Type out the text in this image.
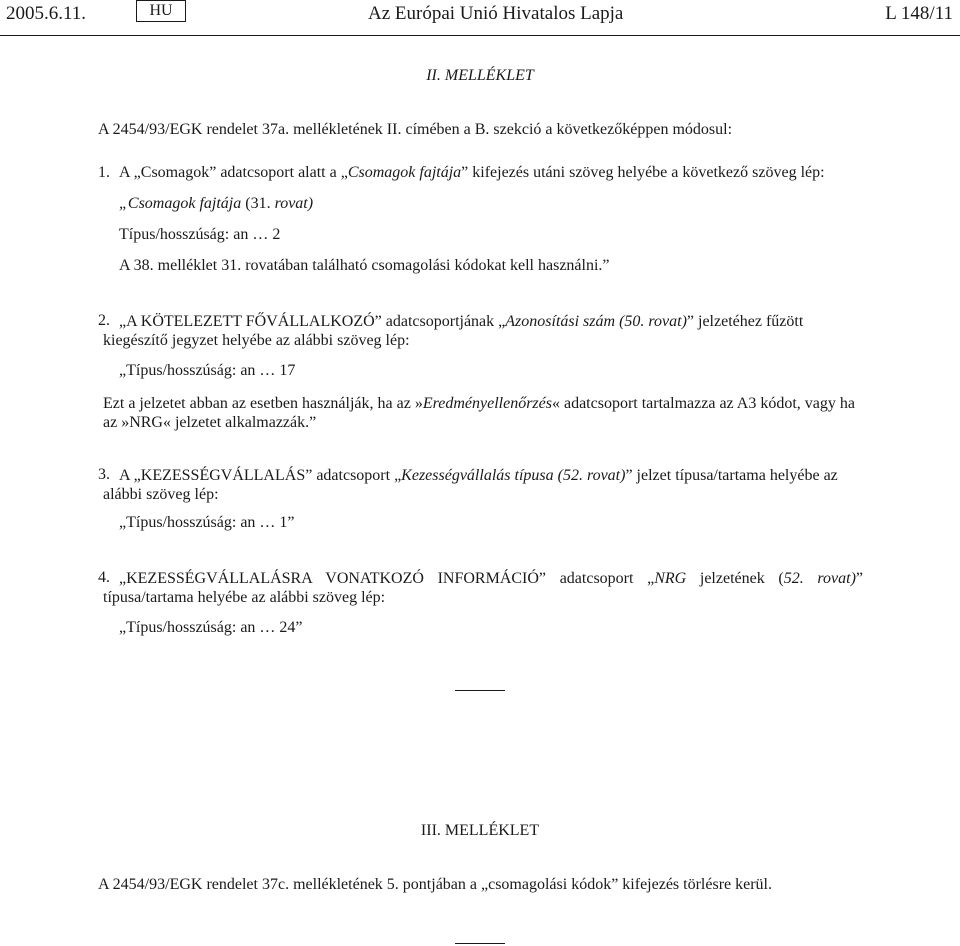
2005.6.11.	HU	Az Európai Unió Hivatalos Lapja	L 148/11
II. MELLÉKLET
A 2454/93/EGK rendelet 37a. mellékletének II. címében a B. szekció a következőképpen módosul:
1. A „Csomagok” adatcsoport alatt a „Csomagok fajtája” kifejezés utáni szöveg helyébe a következő szöveg lép:
„Csomagok fajtája (31. rovat)
Típus/hosszúság: an … 2
A 38. melléklet 31. rovatában található csomagolási kódokat kell használni.”
2. „A KÖTELEZETT FŐVÁLLALKOZÓ” adatcsoportjának „Azonosítási szám (50. rovat)” jelzetéhez fűzött kiegészítő jegyzet helyébe az alábbi szöveg lép:
„Típus/hosszúság: an … 17
Ezt a jelzetet abban az esetben használják, ha az »Eredményellenőrzés« adatcsoport tartalmazza az A3 kódot, vagy ha az »NRG« jelzetet alkalmazzák.”
3. A „KEZESSÉGVÁLLALÁS” adatcsoport „Kezességvállalás típusa (52. rovat)” jelzet típusa/tartama helyébe az alábbi szöveg lép:
„Típus/hosszúság: an … 1”
4. „KEZESSÉGVÁLLALÁSRA VONATKOZÓ INFORMÁCIÓ” adatcsoport „NRG jelzetének (52. rovat)” típusa/tartama helyébe az alábbi szöveg lép:
„Típus/hosszúság: an … 24”
III. MELLÉKLET
A 2454/93/EGK rendelet 37c. mellékletének 5. pontjában a „csomagolási kódok” kifejezés törlésre kerül.
